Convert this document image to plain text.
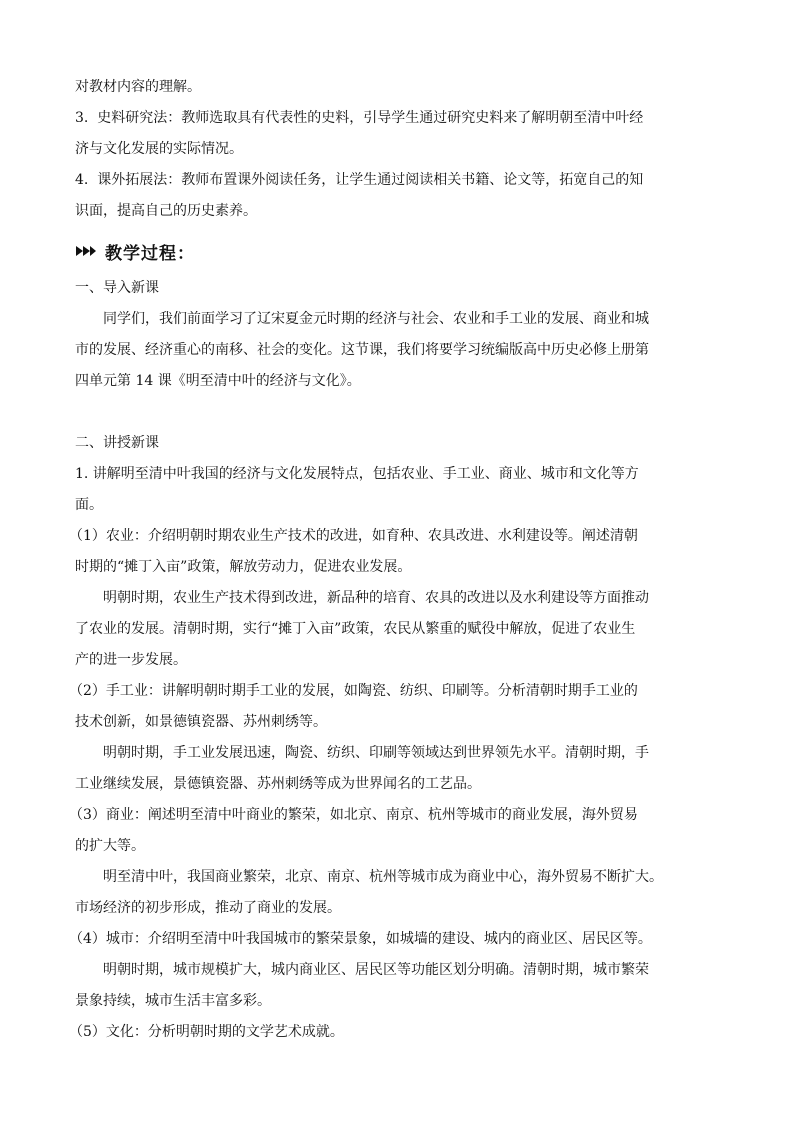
对教材内容的理解。
3. 史料研究法：教师选取具有代表性的史料，引导学生通过研究史料来了解明朝至清中叶经
济与文化发展的实际情况。
4. 课外拓展法：教师布置课外阅读任务，让学生通过阅读相关书籍、论文等，拓宽自己的知
识面，提高自己的历史素养。
教学过程：
一、导入新课
同学们，我们前面学习了辽宋夏金元时期的经济与社会、农业和手工业的发展、商业和城
市的发展、经济重心的南移、社会的变化。这节课，我们将要学习统编版高中历史必修上册第
四单元第 14 课《明至清中叶的经济与文化》。
二、讲授新课
1. 讲解明至清中叶我国的经济与文化发展特点，包括农业、手工业、商业、城市和文化等方
面。
（1）农业：介绍明朝时期农业生产技术的改进，如育种、农具改进、水利建设等。阐述清朝
时期的“摊丁入亩”政策，解放劳动力，促进农业发展。
明朝时期，农业生产技术得到改进，新品种的培育、农具的改进以及水利建设等方面推动
了农业的发展。清朝时期，实行“摊丁入亩”政策，农民从繁重的赋役中解放，促进了农业生
产的进一步发展。
（2）手工业：讲解明朝时期手工业的发展，如陶瓷、纺织、印刷等。分析清朝时期手工业的
技术创新，如景德镇瓷器、苏州刺绣等。
明朝时期，手工业发展迅速，陶瓷、纺织、印刷等领域达到世界领先水平。清朝时期，手
工业继续发展，景德镇瓷器、苏州刺绣等成为世界闻名的工艺品。
（3）商业：阐述明至清中叶商业的繁荣，如北京、南京、杭州等城市的商业发展，海外贸易
的扩大等。
明至清中叶，我国商业繁荣，北京、南京、杭州等城市成为商业中心，海外贸易不断扩大。
市场经济的初步形成，推动了商业的发展。
（4）城市：介绍明至清中叶我国城市的繁荣景象，如城墙的建设、城内的商业区、居民区等。
明朝时期，城市规模扩大，城内商业区、居民区等功能区划分明确。清朝时期，城市繁荣
景象持续，城市生活丰富多彩。
（5）文化：分析明朝时期的文学艺术成就。
